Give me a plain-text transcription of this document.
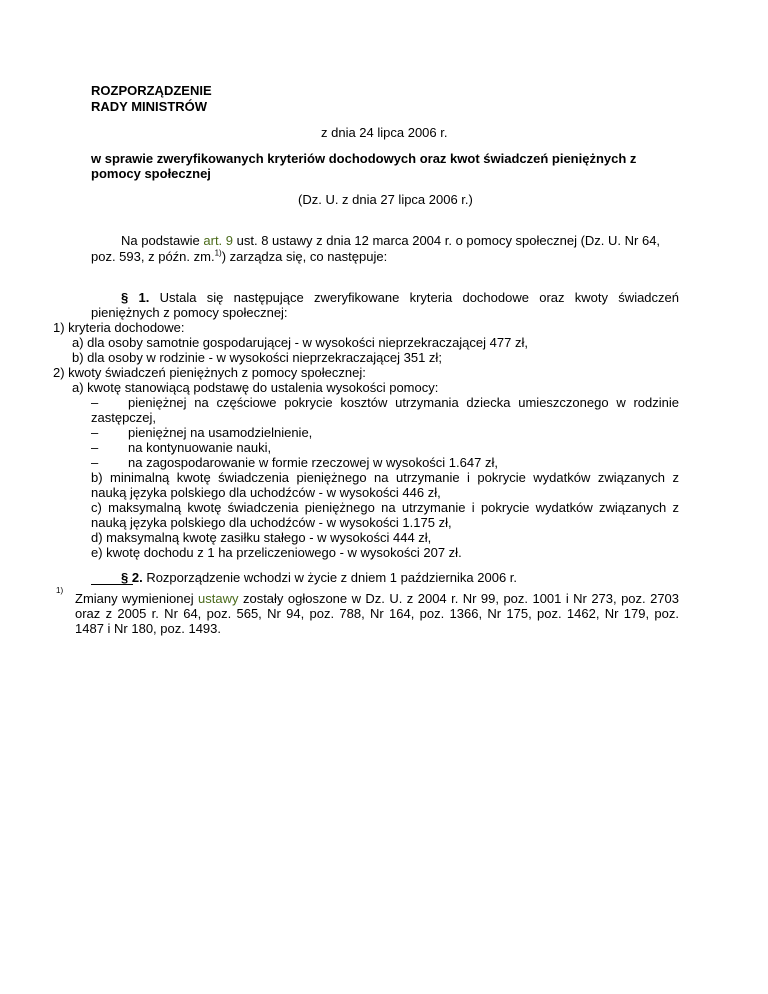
ROZPORZĄDZENIE
RADY MINISTRÓW
z dnia 24 lipca 2006 r.
w sprawie zweryfikowanych kryteriów dochodowych oraz kwot świadczeń pieniężnych z
pomocy społecznej
(Dz. U. z dnia 27 lipca 2006 r.)
Na podstawie art. 9 ust. 8 ustawy z dnia 12 marca 2004 r. o pomocy społecznej (Dz. U. Nr 64,
poz. 593, z późn. zm.$^{1)}$) zarządza się, co następuje:
§ 1. Ustala się następujące zweryfikowane kryteria dochodowe oraz kwoty świadczeń
pieniężnych z pomocy społecznej:
1) kryteria dochodowe:
a) dla osoby samotnie gospodarującej - w wysokości nieprzekraczającej 477 zł,
b) dla osoby w rodzinie - w wysokości nieprzekraczającej 351 zł;
2) kwoty świadczeń pieniężnych z pomocy społecznej:
a) kwotę stanowiącą podstawę do ustalenia wysokości pomocy:
– pieniężnej na częściowe pokrycie kosztów utrzymania dziecka umieszczonego w rodzinie
zastępczej,
– pieniężnej na usamodzielnienie,
– na kontynuowanie nauki,
– na zagospodarowanie w formie rzeczowej w wysokości 1.647 zł,
b) minimalną kwotę świadczenia pieniężnego na utrzymanie i pokrycie wydatków związanych z
nauką języka polskiego dla uchodźców - w wysokości 446 zł,
c) maksymalną kwotę świadczenia pieniężnego na utrzymanie i pokrycie wydatków związanych z
nauką języka polskiego dla uchodźców - w wysokości 1.175 zł,
d) maksymalną kwotę zasiłku stałego - w wysokości 444 zł,
e) kwotę dochodu z 1 ha przeliczeniowego - w wysokości 207 zł.
§ 2. Rozporządzenie wchodzi w życie z dniem 1 października 2006 r.
1)
Zmiany wymienionej ustawy zostały ogłoszone w Dz. U. z 2004 r. Nr 99, poz. 1001 i Nr 273, poz. 2703
oraz z 2005 r. Nr 64, poz. 565, Nr 94, poz. 788, Nr 164, poz. 1366, Nr 175, poz. 1462, Nr 179, poz.
1487 i Nr 180, poz. 1493.
